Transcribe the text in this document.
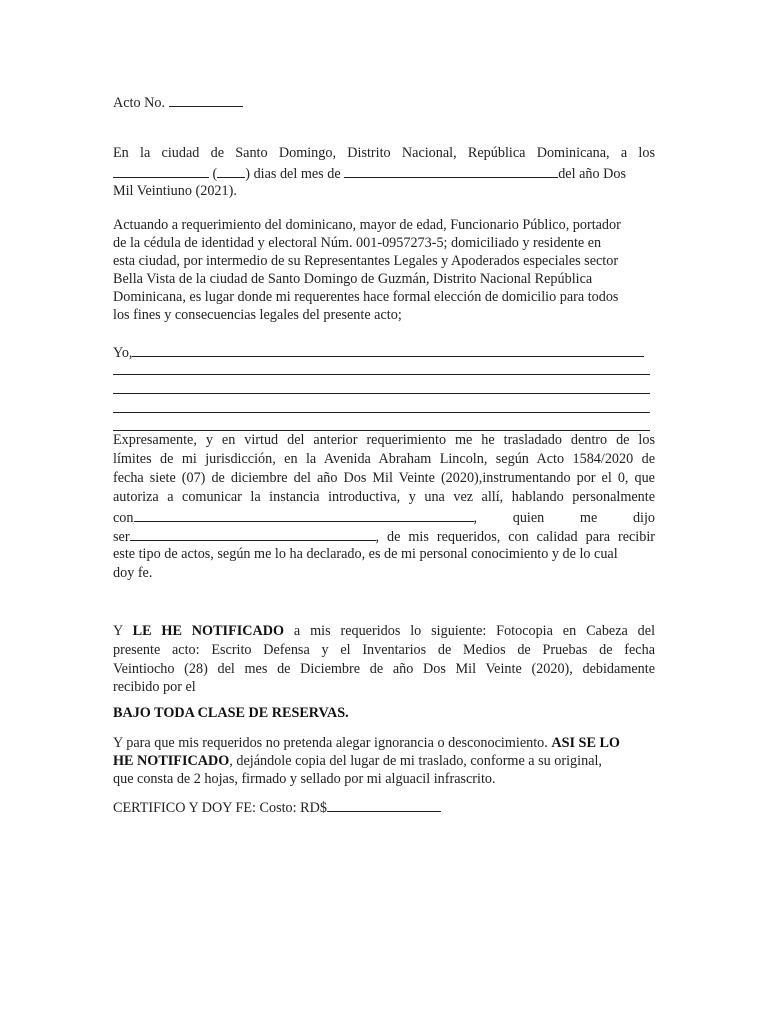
Acto No.
En la ciudad de Santo Domingo, Distrito Nacional, República Dominicana, a los
( ) dias del mes de	del año Dos
Mil Veintiuno (2021).
Actuando a requerimiento del dominicano, mayor de edad, Funcionario Público, portador
de la cédula de identidad y electoral Núm. 001-0957273-5; domiciliado y residente en
esta ciudad, por intermedio de su Representantes Legales y Apoderados especiales sector
Bella Vista de la ciudad de Santo Domingo de Guzmán, Distrito Nacional República
Dominicana, es lugar donde mi requerentes hace formal elección de domicilio para todos
los fines y consecuencias legales del presente acto;
Yo,
Expresamente, y en virtud del anterior requerimiento me he trasladado dentro de los
límites de mi jurisdicción, en la Avenida Abraham Lincoln, según Acto 1584/2020 de
fecha siete (07) de diciembre del año Dos Mil Veinte (2020),instrumentando por el 0, que
autoriza a comunicar la instancia introductiva, y una vez allí, hablando personalmente
con	,	quien	me	dijo
ser	, de mis requeridos, con calidad para recibir
este tipo de actos, según me lo ha declarado, es de mi personal conocimiento y de lo cual
doy fe.
Y LE HE NOTIFICADO a mis requeridos lo siguiente: Fotocopia en Cabeza del
presente acto: Escrito Defensa y el Inventarios de Medios de Pruebas de fecha
Veintiocho (28) del mes de Diciembre de año Dos Mil Veinte (2020), debidamente
recibido por el
BAJO TODA CLASE DE RESERVAS.
Y para que mis requeridos no pretenda alegar ignorancia o desconocimiento. ASI SE LO
HE NOTIFICADO, dejándole copia del lugar de mi traslado, conforme a su original,
que consta de 2 hojas, firmado y sellado por mi alguacil infrascrito.
CERTIFICO Y DOY FE: Costo: RD$
